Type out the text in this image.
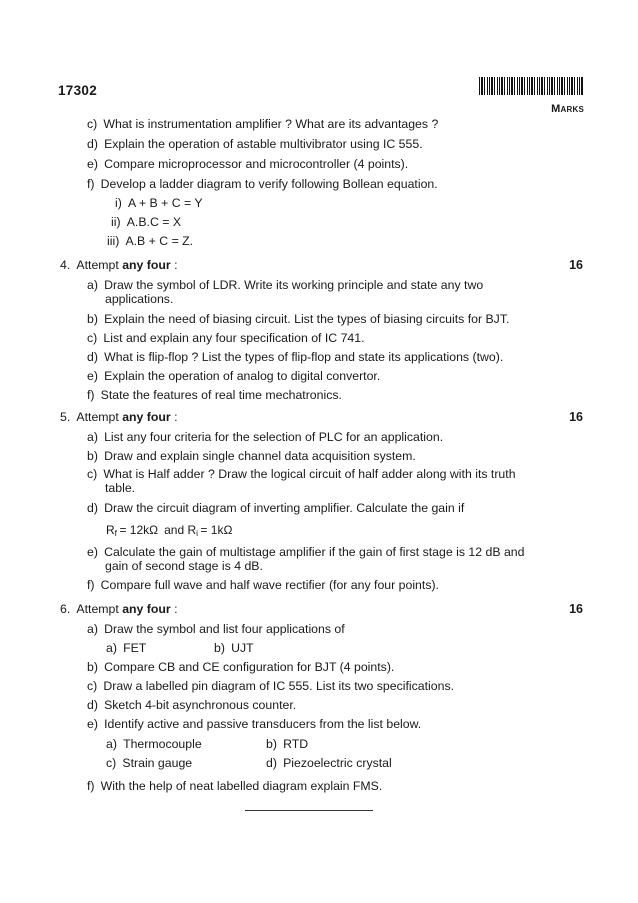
17302
Marks
c) What is instrumentation amplifier ? What are its advantages ?
d) Explain the operation of astable multivibrator using IC 555.
e) Compare microprocessor and microcontroller (4 points).
f) Develop a ladder diagram to verify following Bollean equation.
i) A + B + C = Y
ii) A.B.C = X
iii) A.B + C = Z.
4. Attempt any four :	16
a) Draw the symbol of LDR. Write its working principle and state any two
applications.
b) Explain the need of biasing circuit. List the types of biasing circuits for BJT.
c) List and explain any four specification of IC 741.
d) What is flip-flop ? List the types of flip-flop and state its applications (two).
e) Explain the operation of analog to digital convertor.
f) State the features of real time mechatronics.
5. Attempt any four :	16
a) List any four criteria for the selection of PLC for an application.
b) Draw and explain single channel data acquisition system.
c) What is Half adder ? Draw the logical circuit of half adder along with its truth
table.
d) Draw the circuit diagram of inverting amplifier. Calculate the gain if
Rf = 12kΩ and Ri = 1kΩ
e) Calculate the gain of multistage amplifier if the gain of first stage is 12 dB and
gain of second stage is 4 dB.
f) Compare full wave and half wave rectifier (for any four points).
6. Attempt any four :	16
a) Draw the symbol and list four applications of
a) FET	b) UJT
b) Compare CB and CE configuration for BJT (4 points).
c) Draw a labelled pin diagram of IC 555. List its two specifications.
d) Sketch 4-bit asynchronous counter.
e) Identify active and passive transducers from the list below.
a) Thermocouple	b) RTD
c) Strain gauge	d) Piezoelectric crystal
f) With the help of neat labelled diagram explain FMS.
